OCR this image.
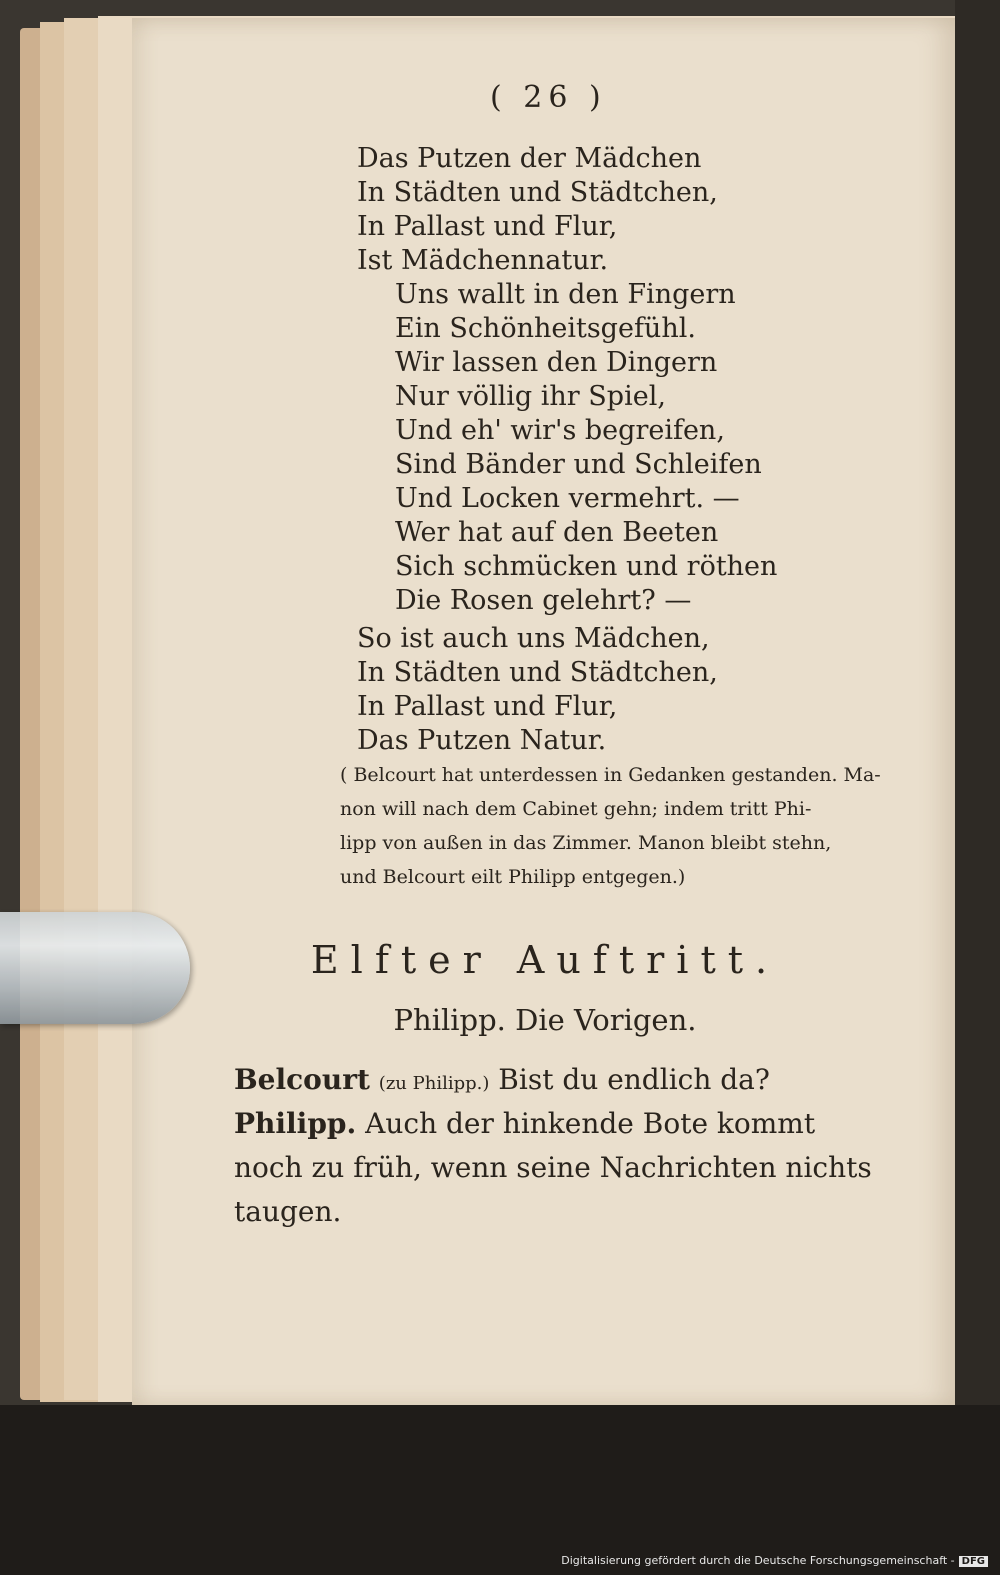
( 26 )
Das Putzen der Mädchen
In Städten und Städtchen,
In Pallast und Flur,
Ist Mädchennatur.
Uns wallt in den Fingern
Ein Schönheitsgefühl.
Wir lassen den Dingern
Nur völlig ihr Spiel,
Und eh' wir's begreifen,
Sind Bänder und Schleifen
Und Locken vermehrt. —
Wer hat auf den Beeten
Sich schmücken und röthen
Die Rosen gelehrt? —
So ist auch uns Mädchen,
In Städten und Städtchen,
In Pallast und Flur,
Das Putzen Natur.
( Belcourt hat unterdessen in Gedanken gestanden. Ma-
non will nach dem Cabinet gehn; indem tritt Phi-
lipp von außen in das Zimmer. Manon bleibt stehn,
und Belcourt eilt Philipp entgegen.)
Elfter Auftritt.
Philipp. Die Vorigen.
Belcourt (zu Philipp.) Bist du endlich da?
Philipp. Auch der hinkende Bote kommt noch zu früh, wenn seine Nachrichten nichts taugen.
Digitalisierung gefördert durch die Deutsche Forschungsgemeinschaft - DFG
